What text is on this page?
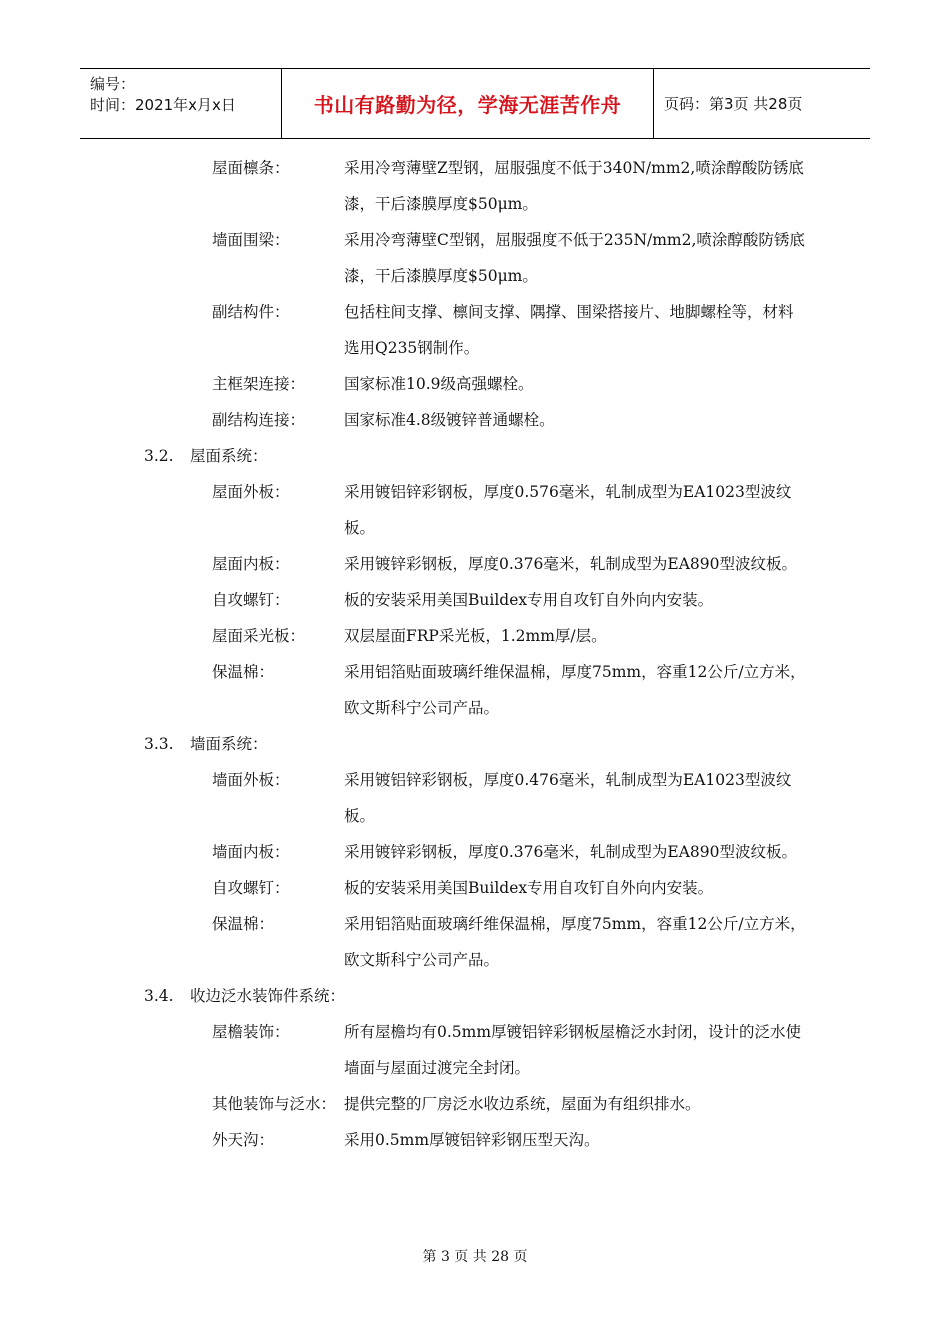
编号：
时间：2021年x月x日	书山有路勤为径，学海无涯苦作舟	页码：第3页 共28页
屋面檩条：	采用冷弯薄壁Z型钢，屈服强度不低于340N/mm2,喷涂醇酸防锈底漆，干后漆膜厚度$50μm。
墙面围梁：	采用冷弯薄壁C型钢，屈服强度不低于235N/mm2,喷涂醇酸防锈底漆，干后漆膜厚度$50μm。
副结构件：	包括柱间支撑、檩间支撑、隅撑、围梁搭接片、地脚螺栓等，材料选用Q235钢制作。
主框架连接：	国家标准10.9级高强螺栓。
副结构连接：	国家标准4.8级镀锌普通螺栓。
3.2. 屋面系统：
屋面外板：	采用镀铝锌彩钢板，厚度0.576毫米，轧制成型为EA1023型波纹板。
屋面内板：	采用镀锌彩钢板，厚度0.376毫米，轧制成型为EA890型波纹板。
自攻螺钉：	板的安装采用美国Buildex专用自攻钉自外向内安装。
屋面采光板：	双层屋面FRP采光板，1.2mm厚/层。
保温棉：	采用铝箔贴面玻璃纤维保温棉，厚度75mm，容重12公斤/立方米，欧文斯科宁公司产品。
3.3. 墙面系统：
墙面外板：	采用镀铝锌彩钢板，厚度0.476毫米，轧制成型为EA1023型波纹板。
墙面内板：	采用镀锌彩钢板，厚度0.376毫米，轧制成型为EA890型波纹板。
自攻螺钉：	板的安装采用美国Buildex专用自攻钉自外向内安装。
保温棉：	采用铝箔贴面玻璃纤维保温棉，厚度75mm，容重12公斤/立方米，欧文斯科宁公司产品。
3.4. 收边泛水装饰件系统：
屋檐装饰：	所有屋檐均有0.5mm厚镀铝锌彩钢板屋檐泛水封闭，设计的泛水使墙面与屋面过渡完全封闭。
其他装饰与泛水： 提供完整的厂房泛水收边系统，屋面为有组织排水。
外天沟：	采用0.5mm厚镀铝锌彩钢压型天沟。
第 3 页 共 28 页
